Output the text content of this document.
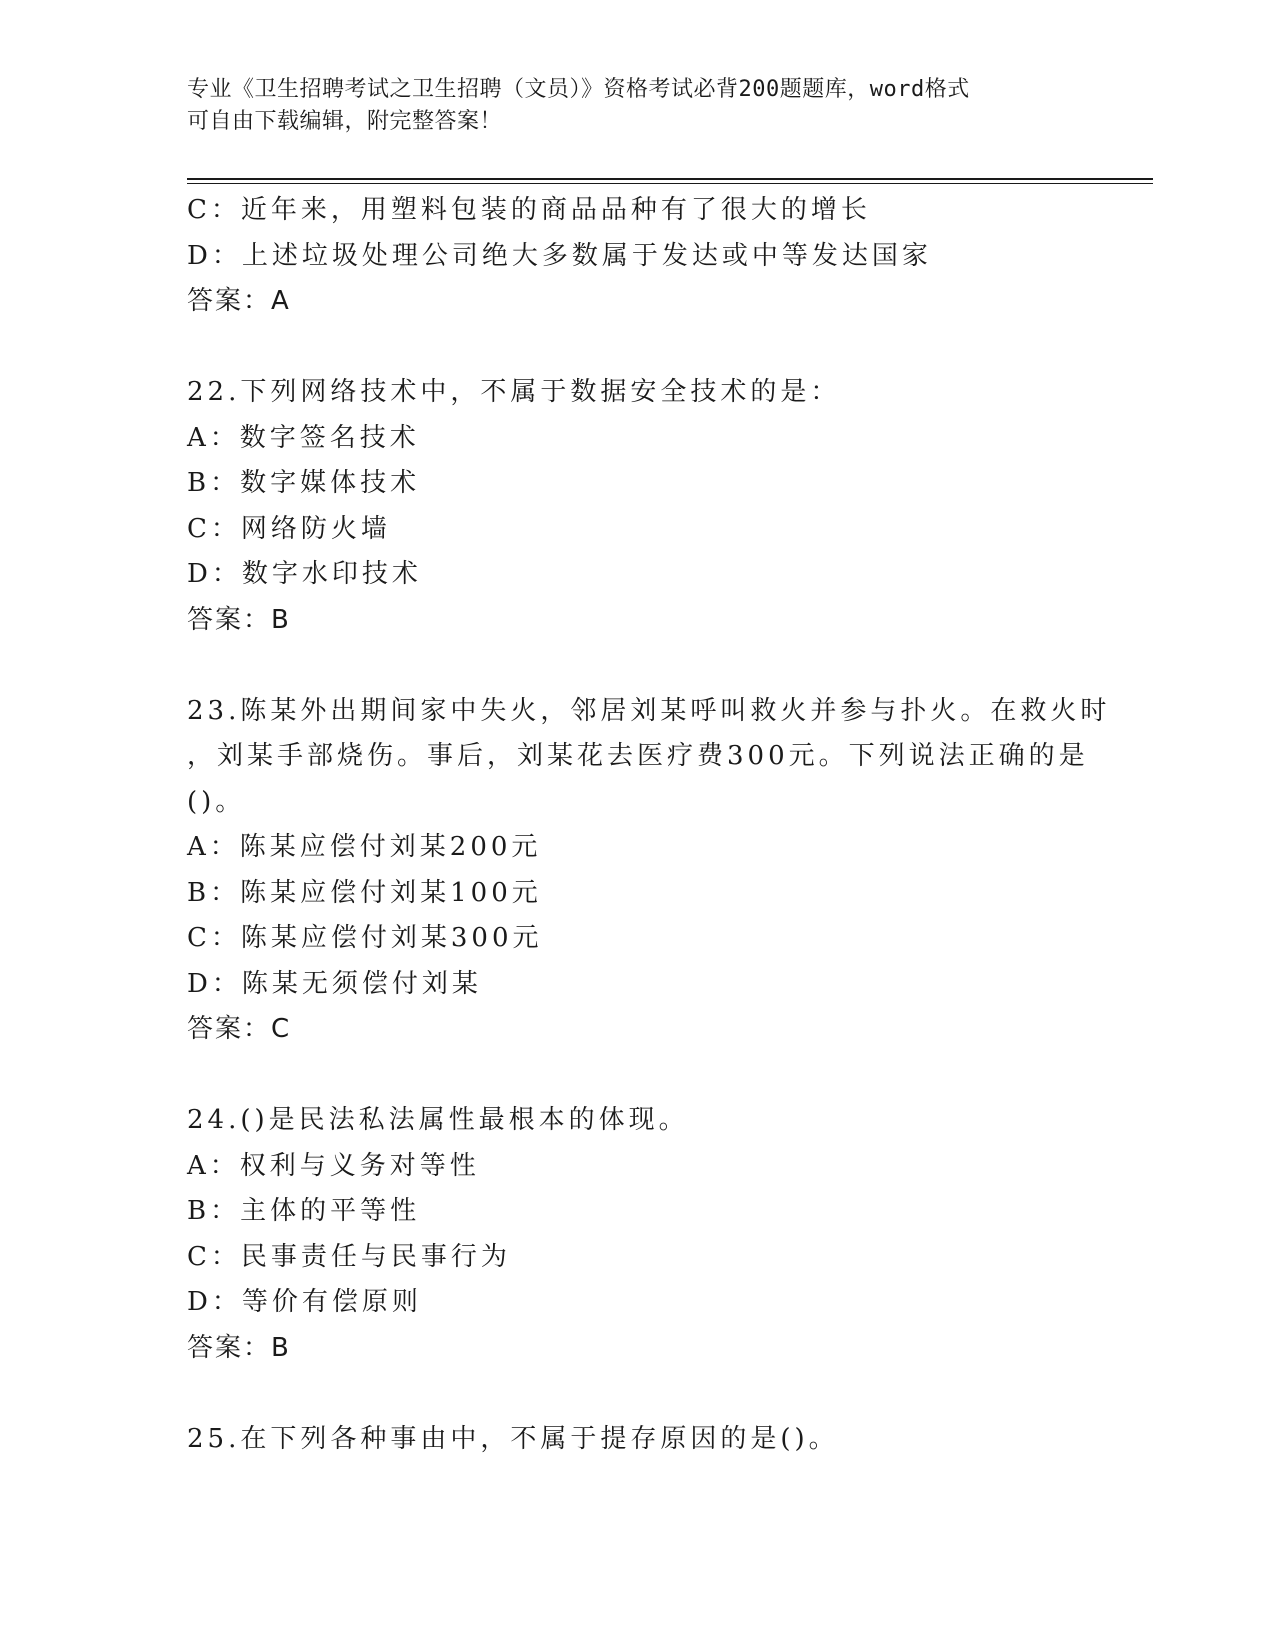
专业《卫生招聘考试之卫生招聘（文员）》资格考试必背200题题库，word格式
可自由下载编辑，附完整答案！
C：近年来，用塑料包装的商品品种有了很大的增长
D：上述垃圾处理公司绝大多数属于发达或中等发达国家
答案：A
22.下列网络技术中，不属于数据安全技术的是：
A：数字签名技术
B：数字媒体技术
C：网络防火墙
D：数字水印技术
答案：B
23.陈某外出期间家中失火，邻居刘某呼叫救火并参与扑火。在救火时
，刘某手部烧伤。事后，刘某花去医疗费300元。下列说法正确的是
()。
A：陈某应偿付刘某200元
B：陈某应偿付刘某100元
C：陈某应偿付刘某300元
D：陈某无须偿付刘某
答案：C
24.()是民法私法属性最根本的体现。
A：权利与义务对等性
B：主体的平等性
C：民事责任与民事行为
D：等价有偿原则
答案：B
25.在下列各种事由中，不属于提存原因的是()。
